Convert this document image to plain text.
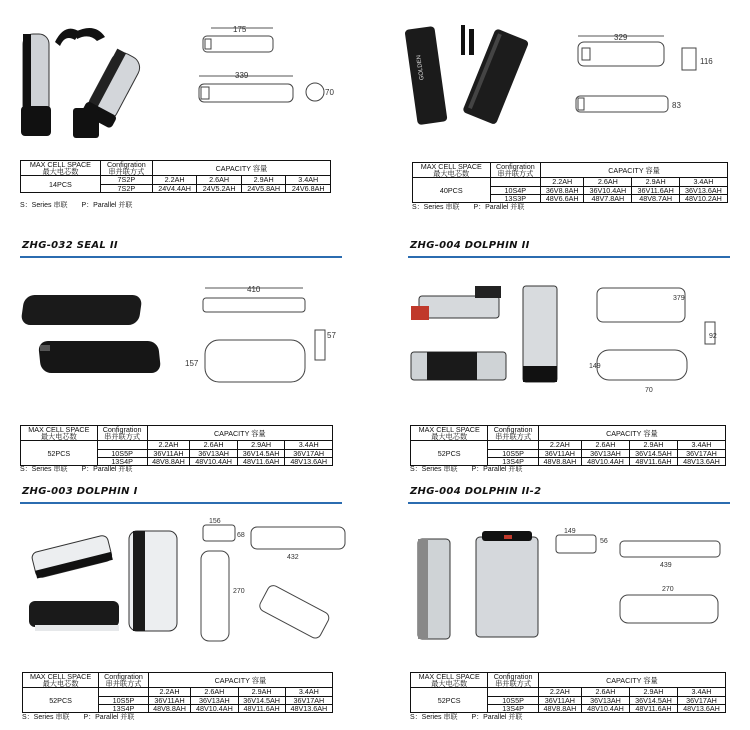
ZHG-032 SEAL II	ZHG-004 DOLPHIN II
ZHG-003 DOLPHIN I	ZHG-004 DOLPHIN II-2
175
339
70
GOLDEN
329
116
83
410
57
157
379
92
149
70
156
68
432
270
149
56
439
270
MAX CELL SPACE
最大电芯数	Configration
串并联方式	CAPACITY 容量			
14PCS	7S2P	2.2AH	2.6AH	2.9AH	3.4AH
	7S2P	24V4.4AH	24V5.2AH	24V5.8AH	24V6.8AH
S：Series 串联 P：Parallel 并联
MAX CELL SPACE
最大电芯数	Configration
串并联方式	CAPACITY 容量			
40PCS		2.2AH	2.6AH	2.9AH	3.4AH
	10S4P	36V8.8AH	36V10.4AH	36V11.6AH	36V13.6AH
	13S3P	48V6.6AH	48V7.8AH	48V8.7AH	48V10.2AH
S：Series 串联 P：Parallel 并联
MAX CELL SPACE
最大电芯数	Configration
串并联方式	CAPACITY 容量			
52PCS		2.2AH	2.6AH	2.9AH	3.4AH
	10S5P	36V11AH	36V13AH	36V14.5AH	36V17AH
	13S4P	48V8.8AH	48V10.4AH	48V11.6AH	48V13.6AH
S：Series 串联 P：Parallel 并联
MAX CELL SPACE
最大电芯数	Configration
串并联方式	CAPACITY 容量			
52PCS		2.2AH	2.6AH	2.9AH	3.4AH
	10S5P	36V11AH	36V13AH	36V14.5AH	36V17AH
	13S4P	48V8.8AH	48V10.4AH	48V11.6AH	48V13.6AH
S：Series 串联 P：Parallel 并联
MAX CELL SPACE
最大电芯数	Configration
串并联方式	CAPACITY 容量			
52PCS		2.2AH	2.6AH	2.9AH	3.4AH
	10S5P	36V11AH	36V13AH	36V14.5AH	36V17AH
	13S4P	48V8.8AH	48V10.4AH	48V11.6AH	48V13.6AH
S：Series 串联 P：Parallel 并联
MAX CELL SPACE
最大电芯数	Configration
串并联方式	CAPACITY 容量			
52PCS		2.2AH	2.6AH	2.9AH	3.4AH
	10S5P	36V11AH	36V13AH	36V14.5AH	36V17AH
	13S4P	48V8.8AH	48V10.4AH	48V11.6AH	48V13.6AH
S：Series 串联 P：Parallel 并联
